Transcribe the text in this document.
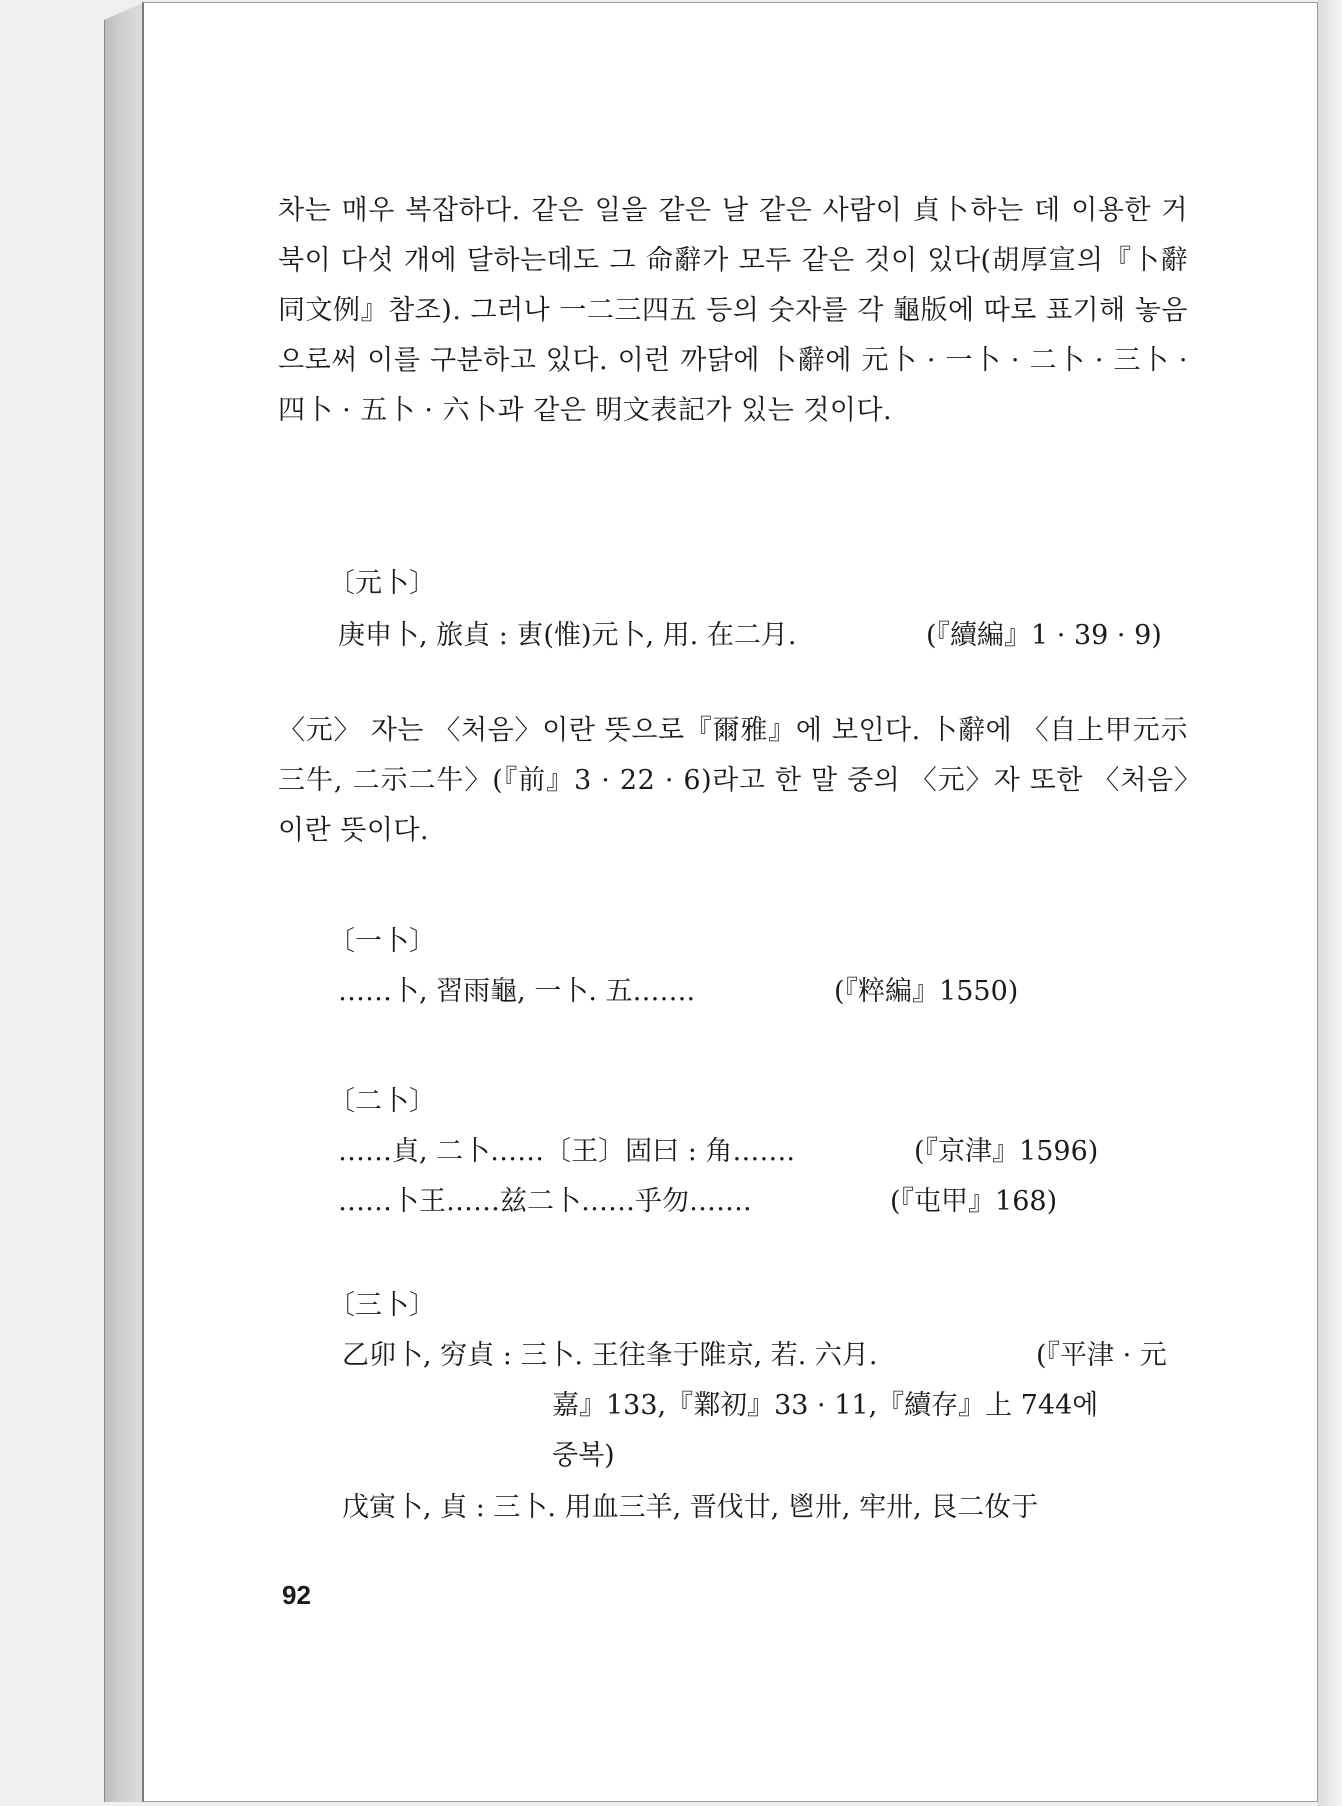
차는 매우 복잡하다. 같은 일을 같은 날 같은 사람이 貞卜하는 데 이용한 거북이 다섯 개에 달하는데도 그 命辭가 모두 같은 것이 있다(胡厚宣의『卜辭同文例』참조). 그러나 一二三四五 등의 숫자를 각 龜版에 따로 표기해 놓음으로써 이를 구분하고 있다. 이런 까닭에 卜辭에 元卜 · 一卜 · 二卜 · 三卜 · 四卜 · 五卜 · 六卜과 같은 明文表記가 있는 것이다.

〔元卜〕
庚申卜, 旅貞 : 叀(惟)元卜, 用. 在二月.	(『續編』1 · 39 · 9)

〈元〉 자는 〈처음〉이란 뜻으로『爾雅』에 보인다. 卜辭에 〈自上甲元示三牛, 二示二牛〉(『前』3 · 22 · 6)라고 한 말 중의 〈元〉자 또한 〈처음〉이란 뜻이다.

〔一卜〕
……卜, 習雨龜, 一卜. 五…….	(『粹編』1550)
〔二卜〕
……貞, 二卜……〔王〕固曰 : 角…….	(『京津』1596)
……卜王……兹二卜……乎勿…….	(『屯甲』168)
〔三卜〕
乙卯卜, 穷貞 : 三卜. 王往夆于陮京, 若. 六月.	(『平津 · 元
嘉』133,『鄴初』33 · 11,『續存』上 744에
중복)
戊寅卜, 貞 : 三卜. 用血三羊, 晋伐廿, 鬯卅, 牢卅, 艮二㚢于
92
